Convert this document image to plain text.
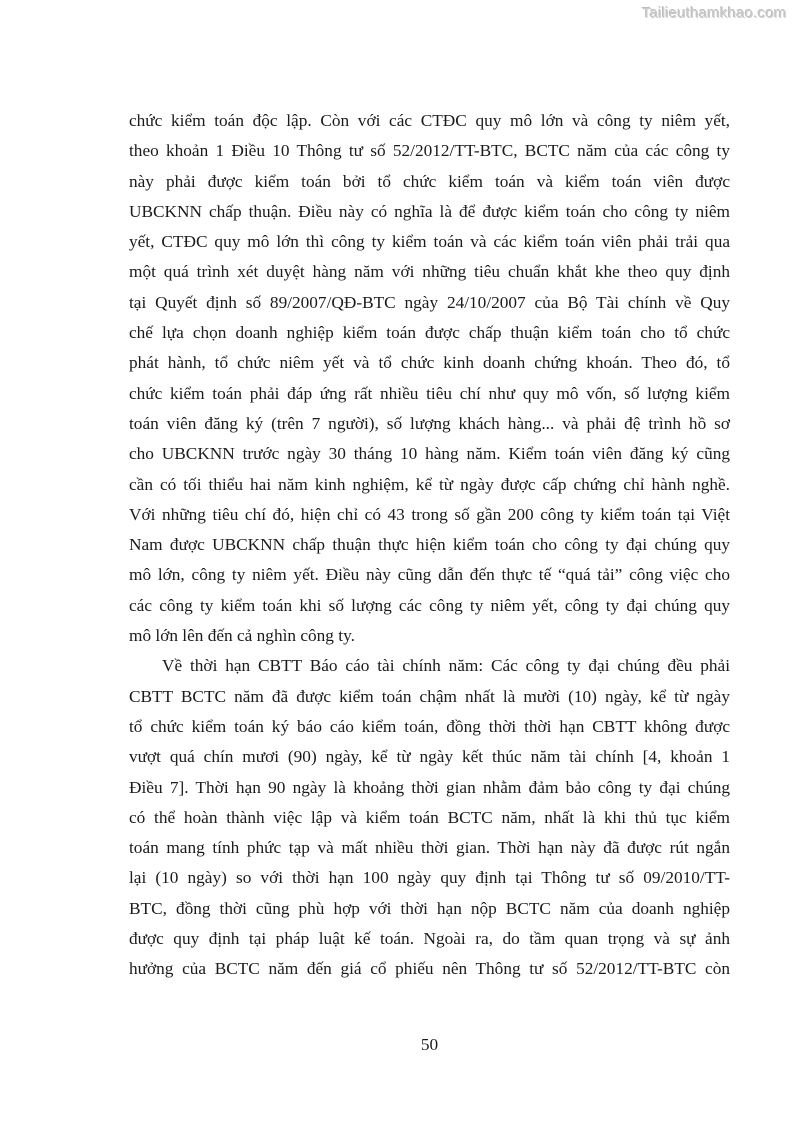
Tailieuthamkhao.com
chức kiểm toán độc lập. Còn với các CTĐC quy mô lớn và công ty niêm yết,
theo khoản 1 Điều 10 Thông tư số 52/2012/TT-BTC, BCTC năm của các công ty
này phải được kiểm toán bởi tổ chức kiểm toán và kiểm toán viên được
UBCKNN chấp thuận. Điều này có nghĩa là để được kiểm toán cho công ty niêm
yết, CTĐC quy mô lớn thì công ty kiểm toán và các kiểm toán viên phải trải qua
một quá trình xét duyệt hàng năm với những tiêu chuẩn khắt khe theo quy định
tại Quyết định số 89/2007/QĐ-BTC ngày 24/10/2007 của Bộ Tài chính về Quy
chế lựa chọn doanh nghiệp kiểm toán được chấp thuận kiểm toán cho tổ chức
phát hành, tổ chức niêm yết và tổ chức kinh doanh chứng khoán. Theo đó, tổ
chức kiểm toán phải đáp ứng rất nhiều tiêu chí như quy mô vốn, số lượng kiểm
toán viên đăng ký (trên 7 người), số lượng khách hàng... và phải đệ trình hồ sơ
cho UBCKNN trước ngày 30 tháng 10 hàng năm. Kiểm toán viên đăng ký cũng
cần có tối thiểu hai năm kinh nghiệm, kể từ ngày được cấp chứng chỉ hành nghề.
Với những tiêu chí đó, hiện chỉ có 43 trong số gần 200 công ty kiểm toán tại Việt
Nam được UBCKNN chấp thuận thực hiện kiểm toán cho công ty đại chúng quy
mô lớn, công ty niêm yết. Điều này cũng dẫn đến thực tế “quá tải” công việc cho
các công ty kiểm toán khi số lượng các công ty niêm yết, công ty đại chúng quy
mô lớn lên đến cả nghìn công ty.
Về thời hạn CBTT Báo cáo tài chính năm: Các công ty đại chúng đều phải
CBTT BCTC năm đã được kiểm toán chậm nhất là mười (10) ngày, kể từ ngày
tổ chức kiểm toán ký báo cáo kiểm toán, đồng thời thời hạn CBTT không được
vượt quá chín mươi (90) ngày, kể từ ngày kết thúc năm tài chính [4, khoản 1
Điều 7]. Thời hạn 90 ngày là khoảng thời gian nhằm đảm bảo công ty đại chúng
có thể hoàn thành việc lập và kiểm toán BCTC năm, nhất là khi thủ tục kiểm
toán mang tính phức tạp và mất nhiều thời gian. Thời hạn này đã được rút ngắn
lại (10 ngày) so với thời hạn 100 ngày quy định tại Thông tư số 09/2010/TT-
BTC, đồng thời cũng phù hợp với thời hạn nộp BCTC năm của doanh nghiệp
được quy định tại pháp luật kế toán. Ngoài ra, do tầm quan trọng và sự ảnh
hưởng của BCTC năm đến giá cổ phiếu nên Thông tư số 52/2012/TT-BTC còn
50
